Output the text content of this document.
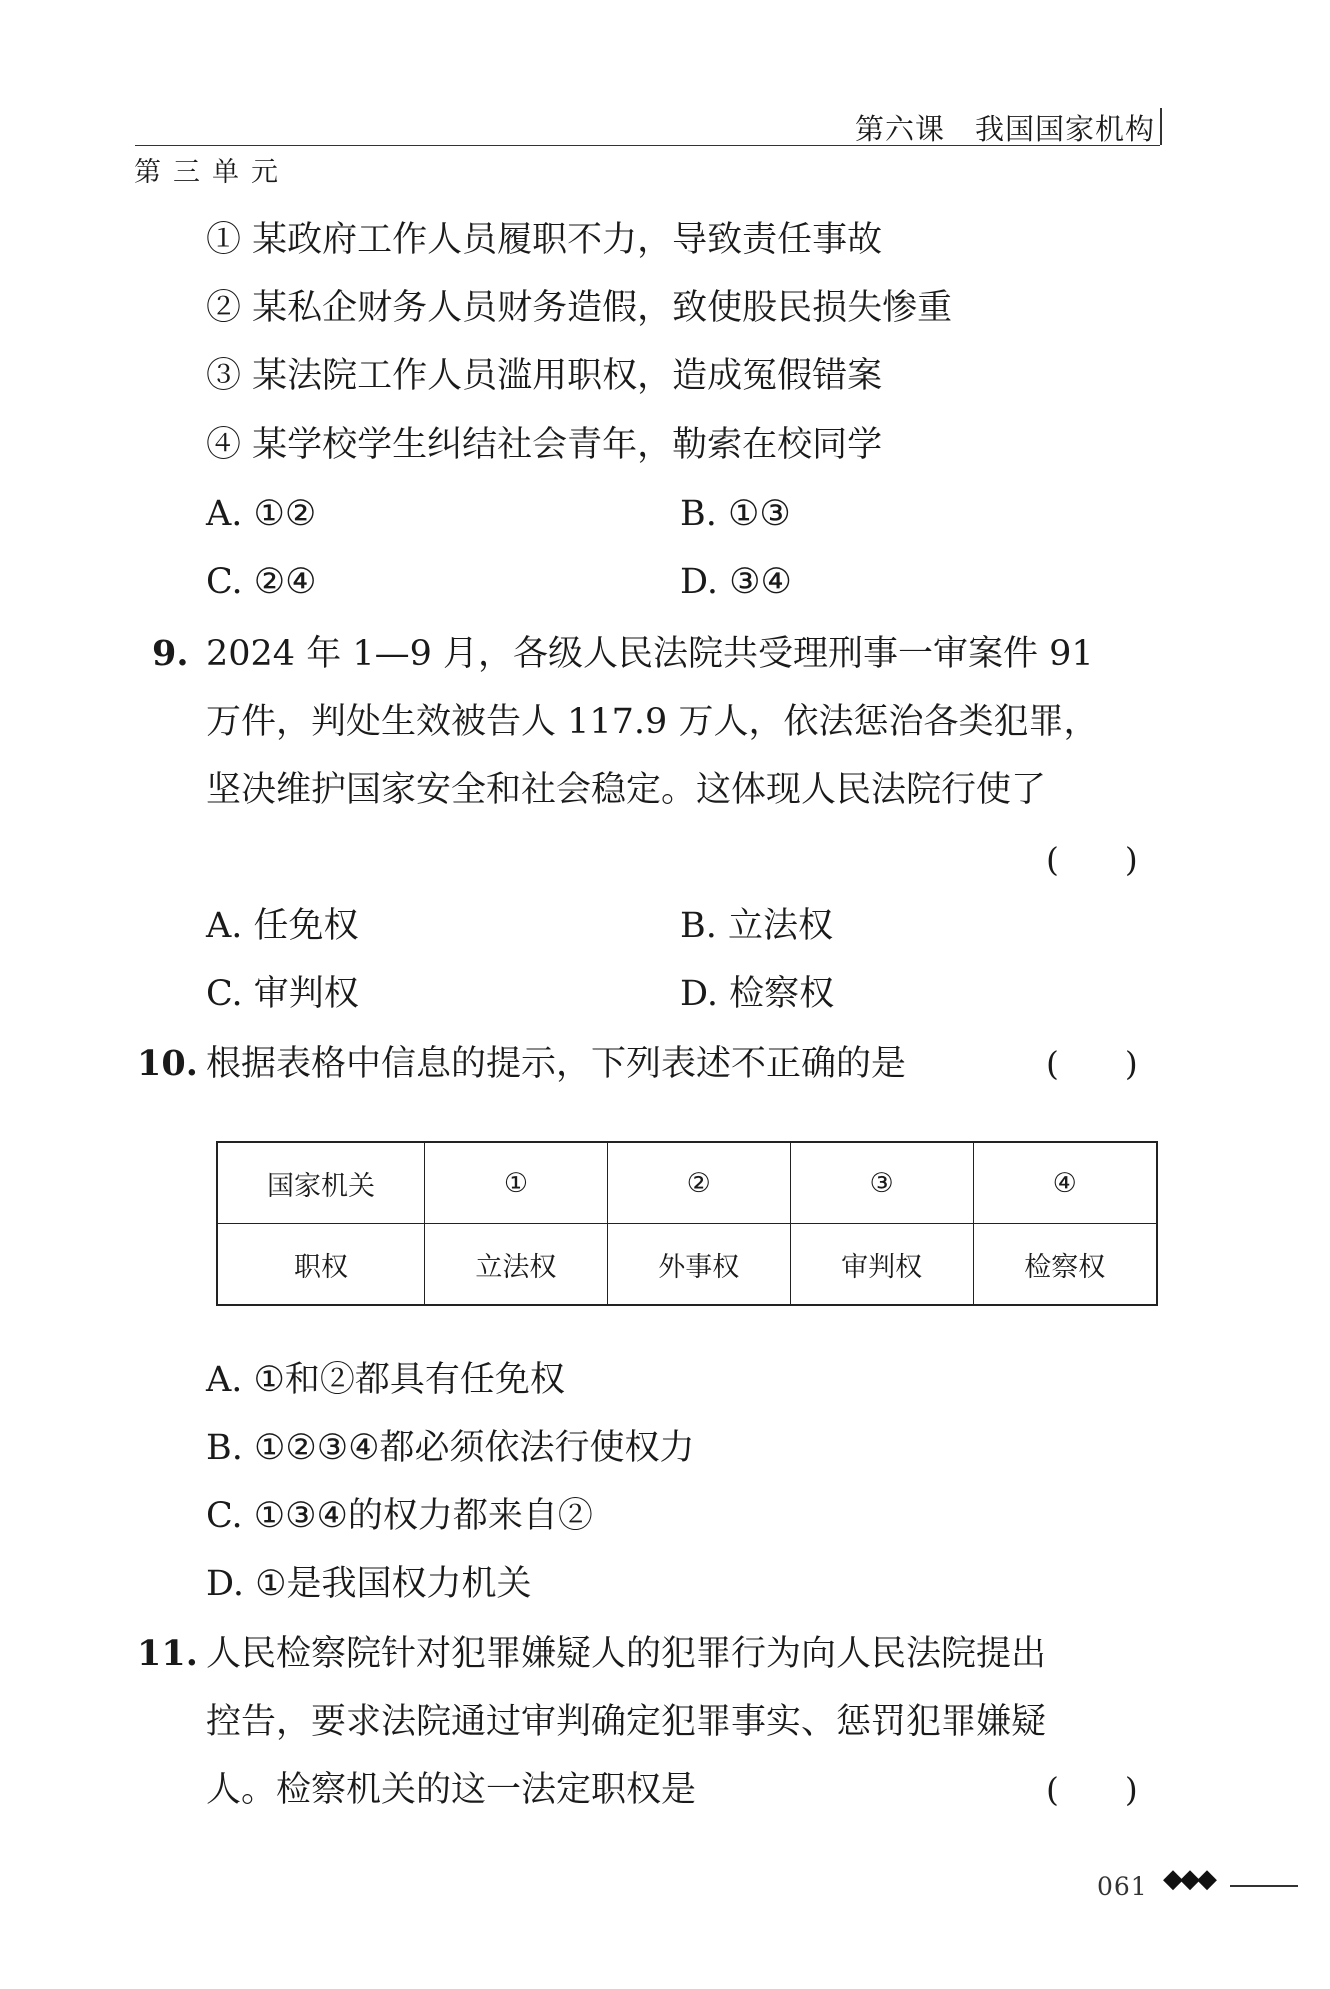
第六课　我国国家机构
第三单元
① 某政府工作人员履职不力，导致责任事故
② 某私企财务人员财务造假，致使股民损失惨重
③ 某法院工作人员滥用职权，造成冤假错案
④ 某学校学生纠结社会青年，勒索在校同学
A. ①②	B. ①③
C. ②④	D. ③④
9. 2024 年 1—9 月，各级人民法院共受理刑事一审案件 91
万件，判处生效被告人 117.9 万人，依法惩治各类犯罪，
坚决维护国家安全和社会稳定。这体现人民法院行使了
(　　)
A. 任免权	B. 立法权
C. 审判权	D. 检察权
10. 根据表格中信息的提示，下列表述不正确的是	(　　)
国家机关	①	②	③	④
职权	立法权	外事权	审判权	检察权
A. ①和②都具有任免权
B. ①②③④都必须依法行使权力
C. ①③④的权力都来自②
D. ①是我国权力机关
11. 人民检察院针对犯罪嫌疑人的犯罪行为向人民法院提出
控告，要求法院通过审判确定犯罪事实、惩罚犯罪嫌疑
人。检察机关的这一法定职权是	(　　)
061 ◆◆◆
